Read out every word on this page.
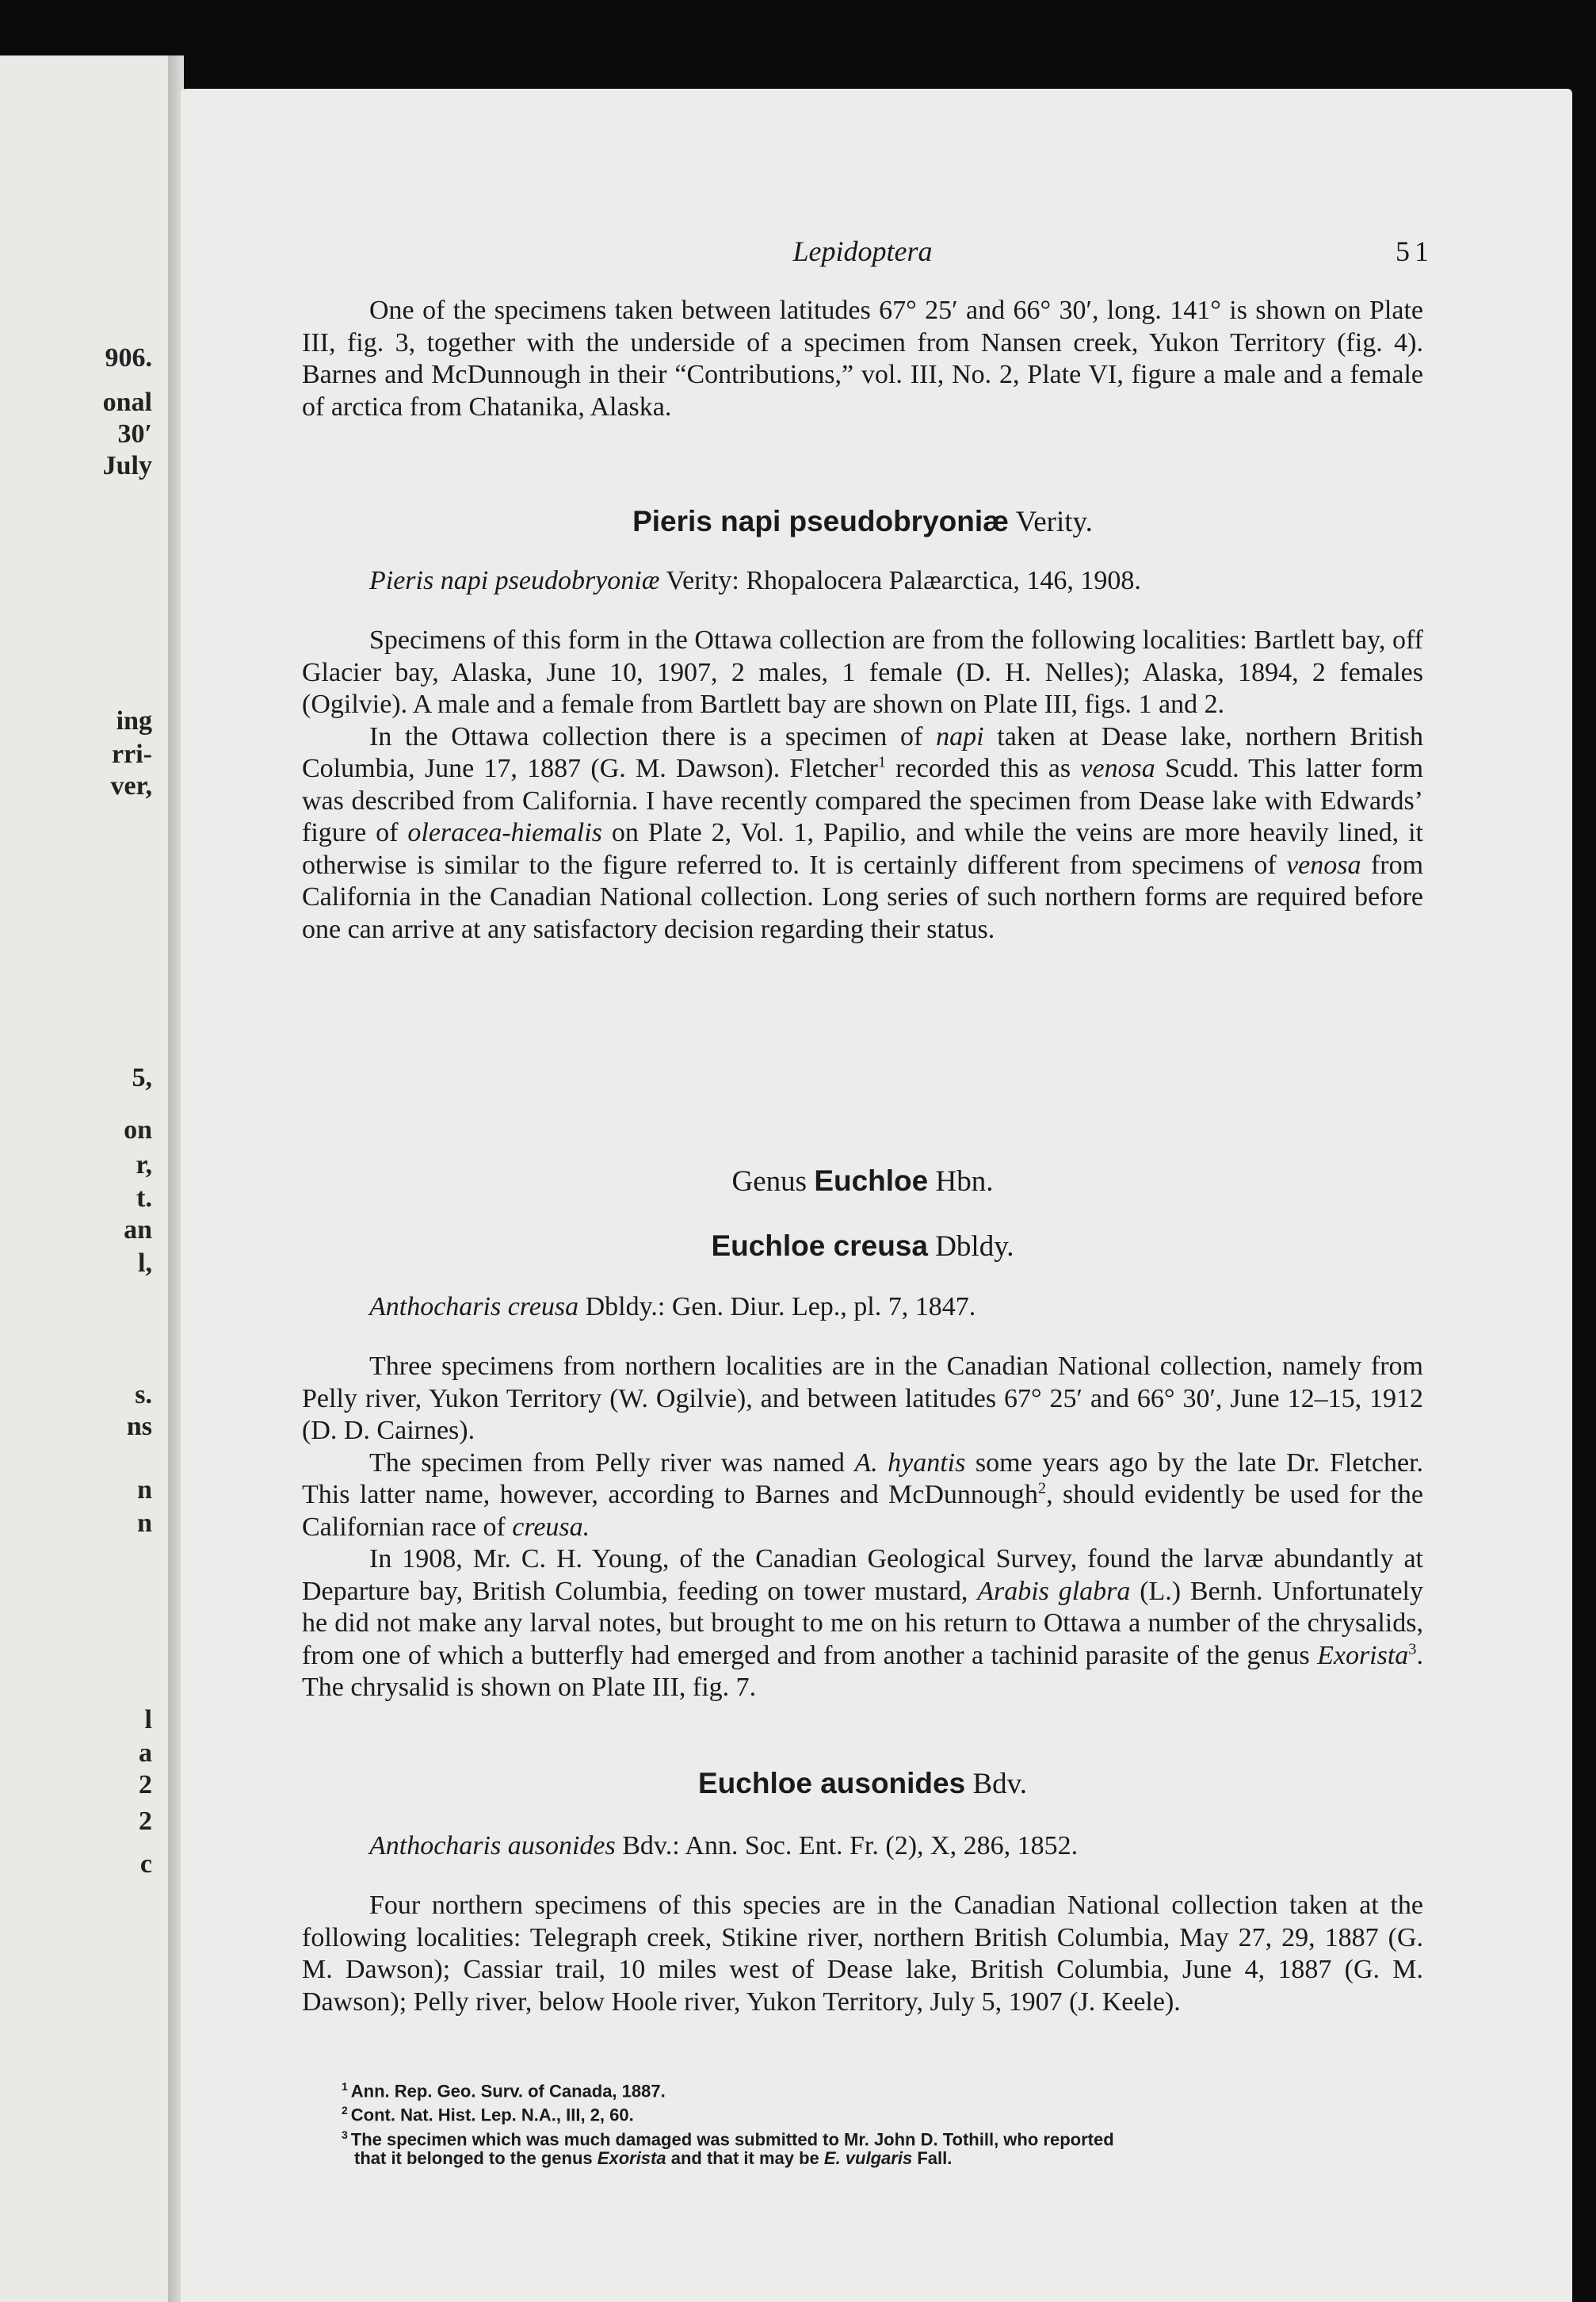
906.
onal
30′
July
ing
rri-
ver,
5,
on
r,
t.
an
l,
s.
ns
n
n
l
a
2
2
c
Lepidoptera	51

One of the specimens taken between latitudes 67° 25′ and 66° 30′, long. 141° is shown on Plate III, fig. 3, together with the underside of a specimen from Nansen creek, Yukon Territory (fig. 4). Barnes and McDunnough in their “Contributions,” vol. III, No. 2, Plate VI, figure a male and a female of arctica from Chatanika, Alaska.

Pieris napi pseudobryoniæ Verity.

Pieris napi pseudobryoniæ Verity: Rhopalocera Palæarctica, 146, 1908.

Specimens of this form in the Ottawa collection are from the following localities: Bartlett bay, off Glacier bay, Alaska, June 10, 1907, 2 males, 1 female (D. H. Nelles); Alaska, 1894, 2 females (Ogilvie). A male and a female from Bartlett bay are shown on Plate III, figs. 1 and 2.

In the Ottawa collection there is a specimen of napi taken at Dease lake, northern British Columbia, June 17, 1887 (G. M. Dawson). Fletcher$^1$ recorded this as venosa Scudd. This latter form was described from California. I have recently compared the specimen from Dease lake with Edwards’ figure of oleracea-hiemalis on Plate 2, Vol. 1, Papilio, and while the veins are more heavily lined, it otherwise is similar to the figure referred to. It is certainly different from specimens of venosa from California in the Canadian National collection. Long series of such northern forms are required before one can arrive at any satisfactory decision regarding their status.

Genus Euchloe Hbn.
Euchloe creusa Dbldy.

Anthocharis creusa Dbldy.: Gen. Diur. Lep., pl. 7, 1847.

Three specimens from northern localities are in the Canadian National collection, namely from Pelly river, Yukon Territory (W. Ogilvie), and between latitudes 67° 25′ and 66° 30′, June 12–15, 1912 (D. D. Cairnes).

The specimen from Pelly river was named A. hyantis some years ago by the late Dr. Fletcher. This latter name, however, according to Barnes and McDunnough$^2$, should evidently be used for the Californian race of creusa.

In 1908, Mr. C. H. Young, of the Canadian Geological Survey, found the larvæ abundantly at Departure bay, British Columbia, feeding on tower mustard, Arabis glabra (L.) Bernh. Unfortunately he did not make any larval notes, but brought to me on his return to Ottawa a number of the chrysalids, from one of which a butterfly had emerged and from another a tachinid parasite of the genus Exorista$^3$. The chrysalid is shown on Plate III, fig. 7.

Euchloe ausonides Bdv.

Anthocharis ausonides Bdv.: Ann. Soc. Ent. Fr. (2), X, 286, 1852.

Four northern specimens of this species are in the Canadian National collection taken at the following localities: Telegraph creek, Stikine river, northern British Columbia, May 27, 29, 1887 (G. M. Dawson); Cassiar trail, 10 miles west of Dease lake, British Columbia, June 4, 1887 (G. M. Dawson); Pelly river, below Hoole river, Yukon Territory, July 5, 1907 (J. Keele).

$^1$ Ann. Rep. Geo. Surv. of Canada, 1887.
$^2$ Cont. Nat. Hist. Lep. N.A., III, 2, 60.
$^3$ The specimen which was much damaged was submitted to Mr. John D. Tothill, who reported
that it belonged to the genus Exorista and that it may be E. vulgaris Fall.
